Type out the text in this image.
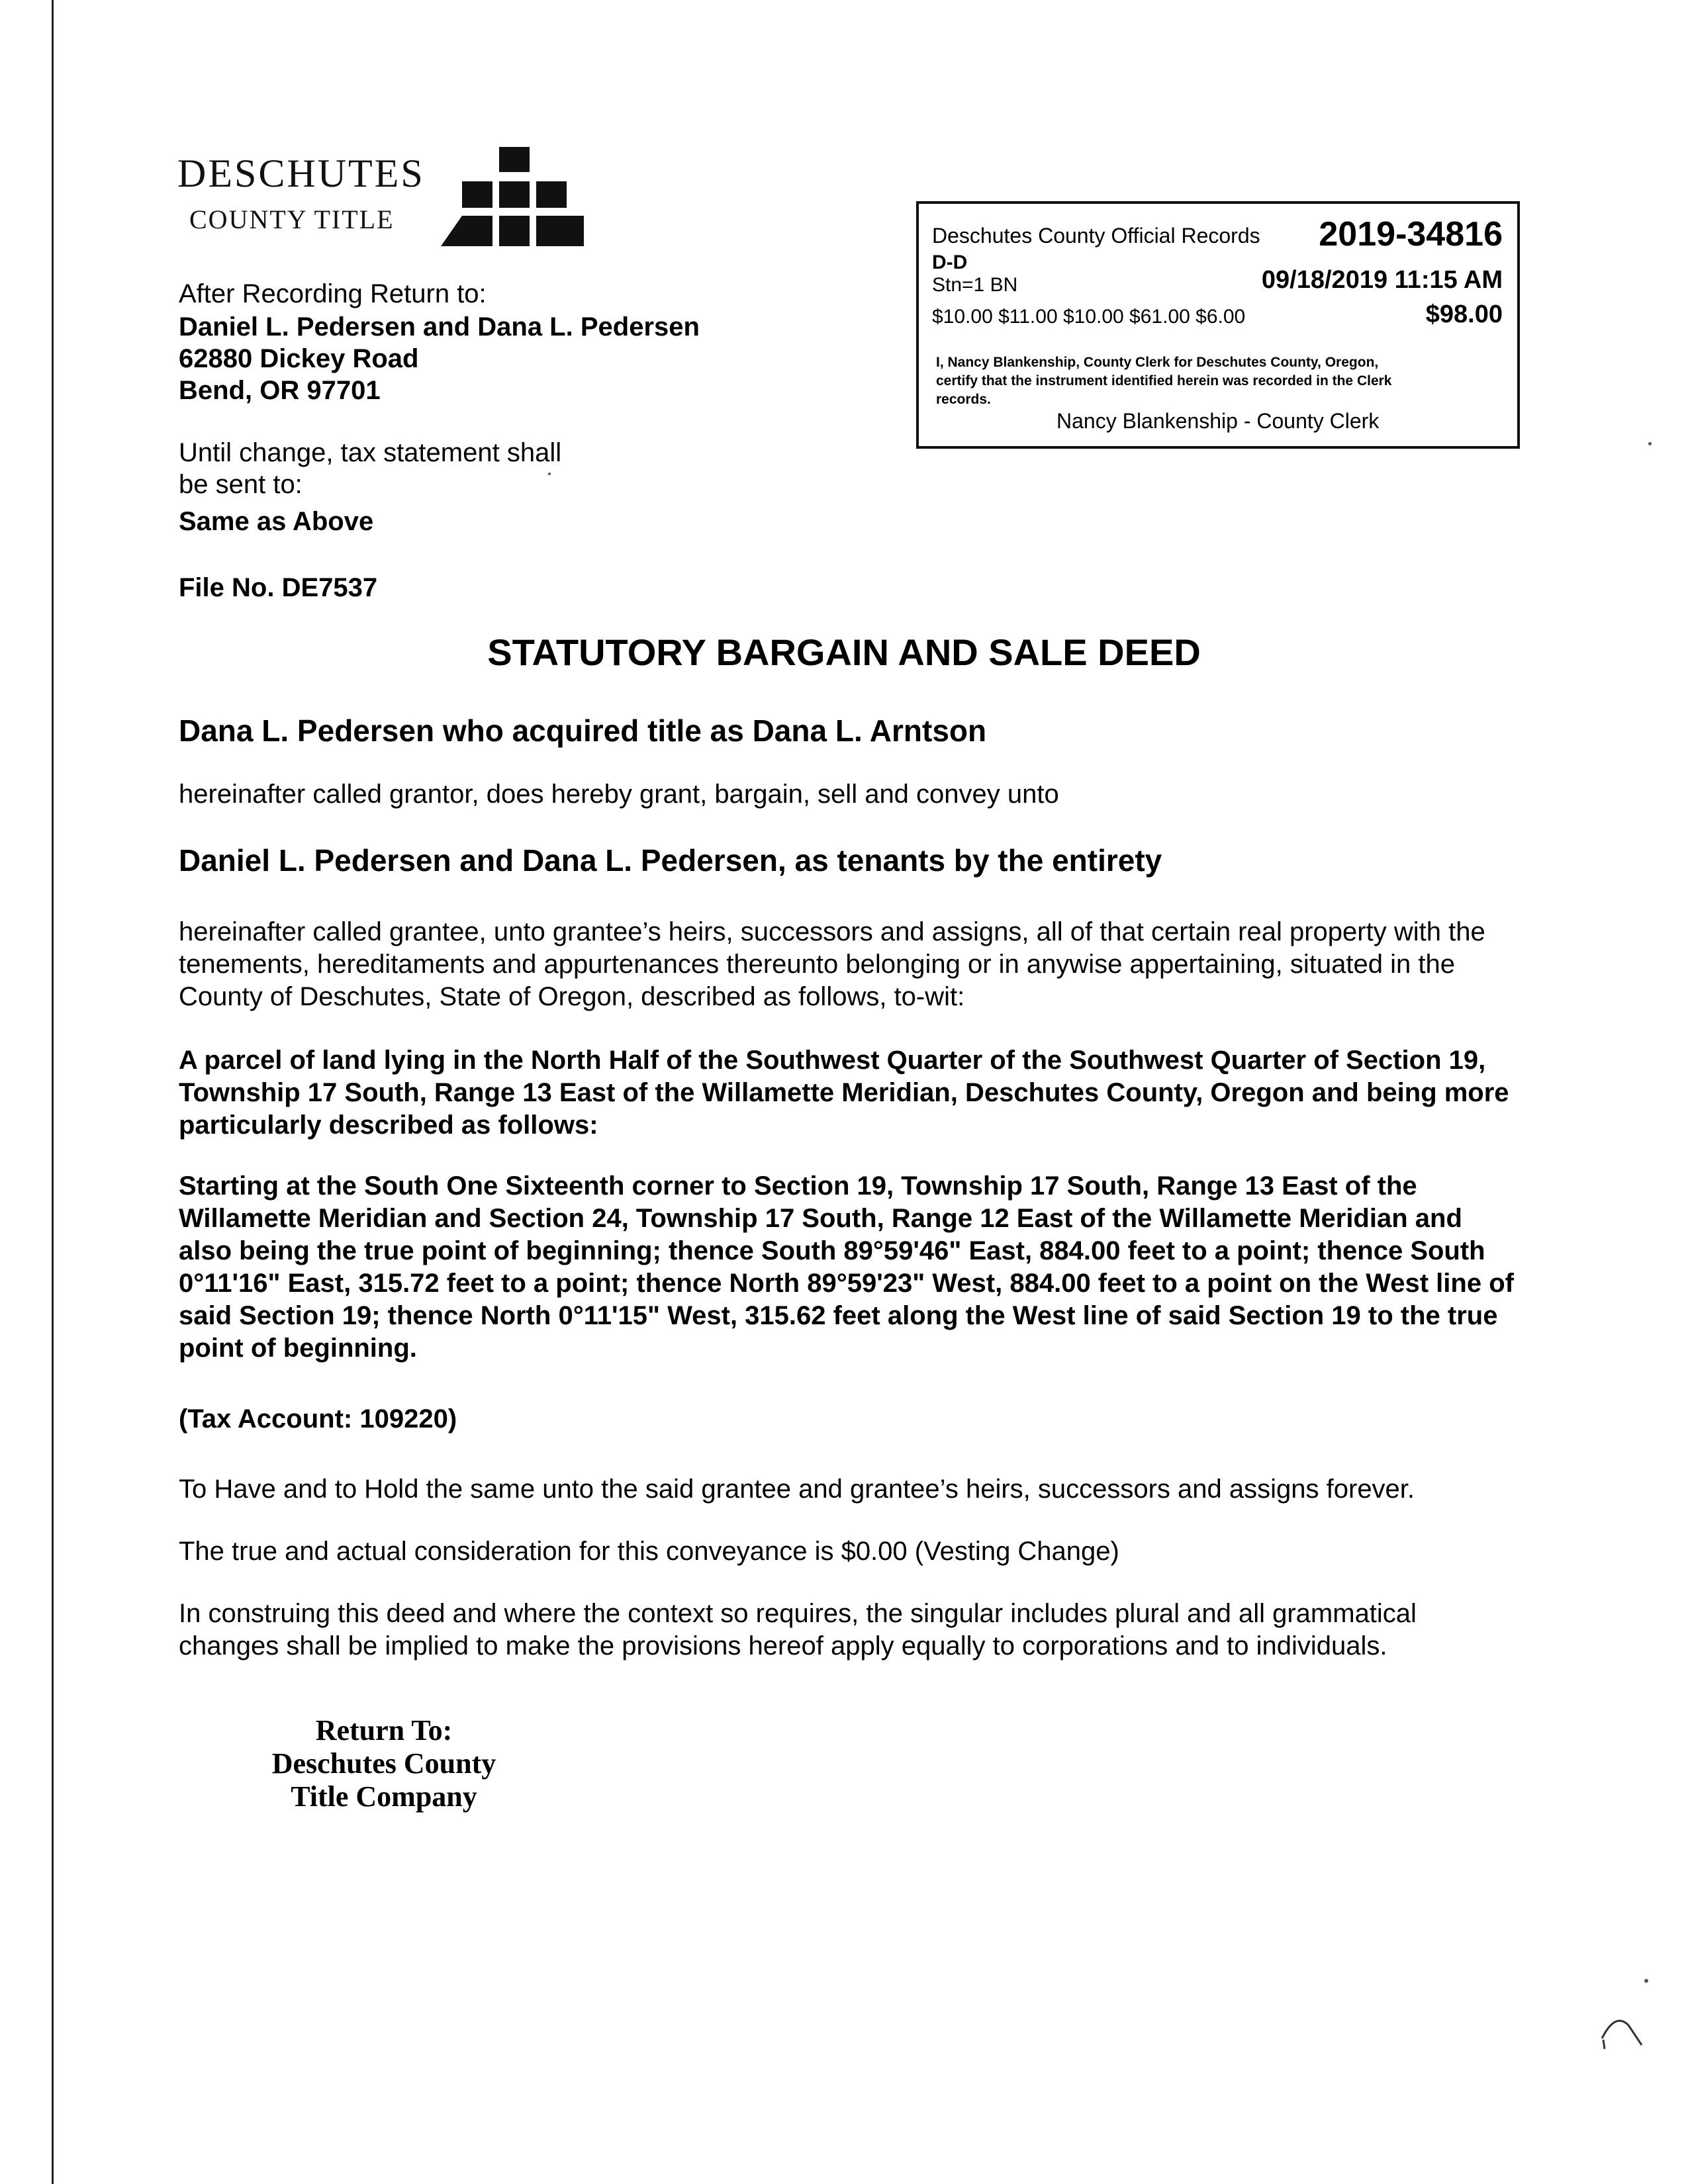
DESCHUTES
COUNTY TITLE
After Recording Return to:
Daniel L. Pedersen and Dana L. Pedersen
62880 Dickey Road
Bend, OR 97701
Until change, tax statement shall
be sent to:
Same as Above
File No. DE7537
Deschutes County Official Records 2019-34816
D-D
Stn=1 BN	09/18/2019 11:15 AM
$10.00 $11.00 $10.00 $61.00 $6.00	$98.00
I, Nancy Blankenship, County Clerk for Deschutes County, Oregon,
certify that the instrument identified herein was recorded in the Clerk
records.
Nancy Blankenship - County Clerk
STATUTORY BARGAIN AND SALE DEED
Dana L. Pedersen who acquired title as Dana L. Arntson
hereinafter called grantor, does hereby grant, bargain, sell and convey unto
Daniel L. Pedersen and Dana L. Pedersen, as tenants by the entirety
hereinafter called grantee, unto grantee’s heirs, successors and assigns, all of that certain real property with the tenements, hereditaments and appurtenances thereunto belonging or in anywise appertaining, situated in the County of Deschutes, State of Oregon, described as follows, to-wit:
A parcel of land lying in the North Half of the Southwest Quarter of the Southwest Quarter of Section 19, Township 17 South, Range 13 East of the Willamette Meridian, Deschutes County, Oregon and being more particularly described as follows:
Starting at the South One Sixteenth corner to Section 19, Township 17 South, Range 13 East of the Willamette Meridian and Section 24, Township 17 South, Range 12 East of the Willamette Meridian and also being the true point of beginning; thence South 89°59'46" East, 884.00 feet to a point; thence South 0°11'16" East, 315.72 feet to a point; thence North 89°59'23" West, 884.00 feet to a point on the West line of said Section 19; thence North 0°11'15" West, 315.62 feet along the West line of said Section 19 to the true point of beginning.
(Tax Account: 109220)
To Have and to Hold the same unto the said grantee and grantee’s heirs, successors and assigns forever.
The true and actual consideration for this conveyance is $0.00 (Vesting Change)
In construing this deed and where the context so requires, the singular includes plural and all grammatical changes shall be implied to make the provisions hereof apply equally to corporations and to individuals.
Return To:
Deschutes County
Title Company
